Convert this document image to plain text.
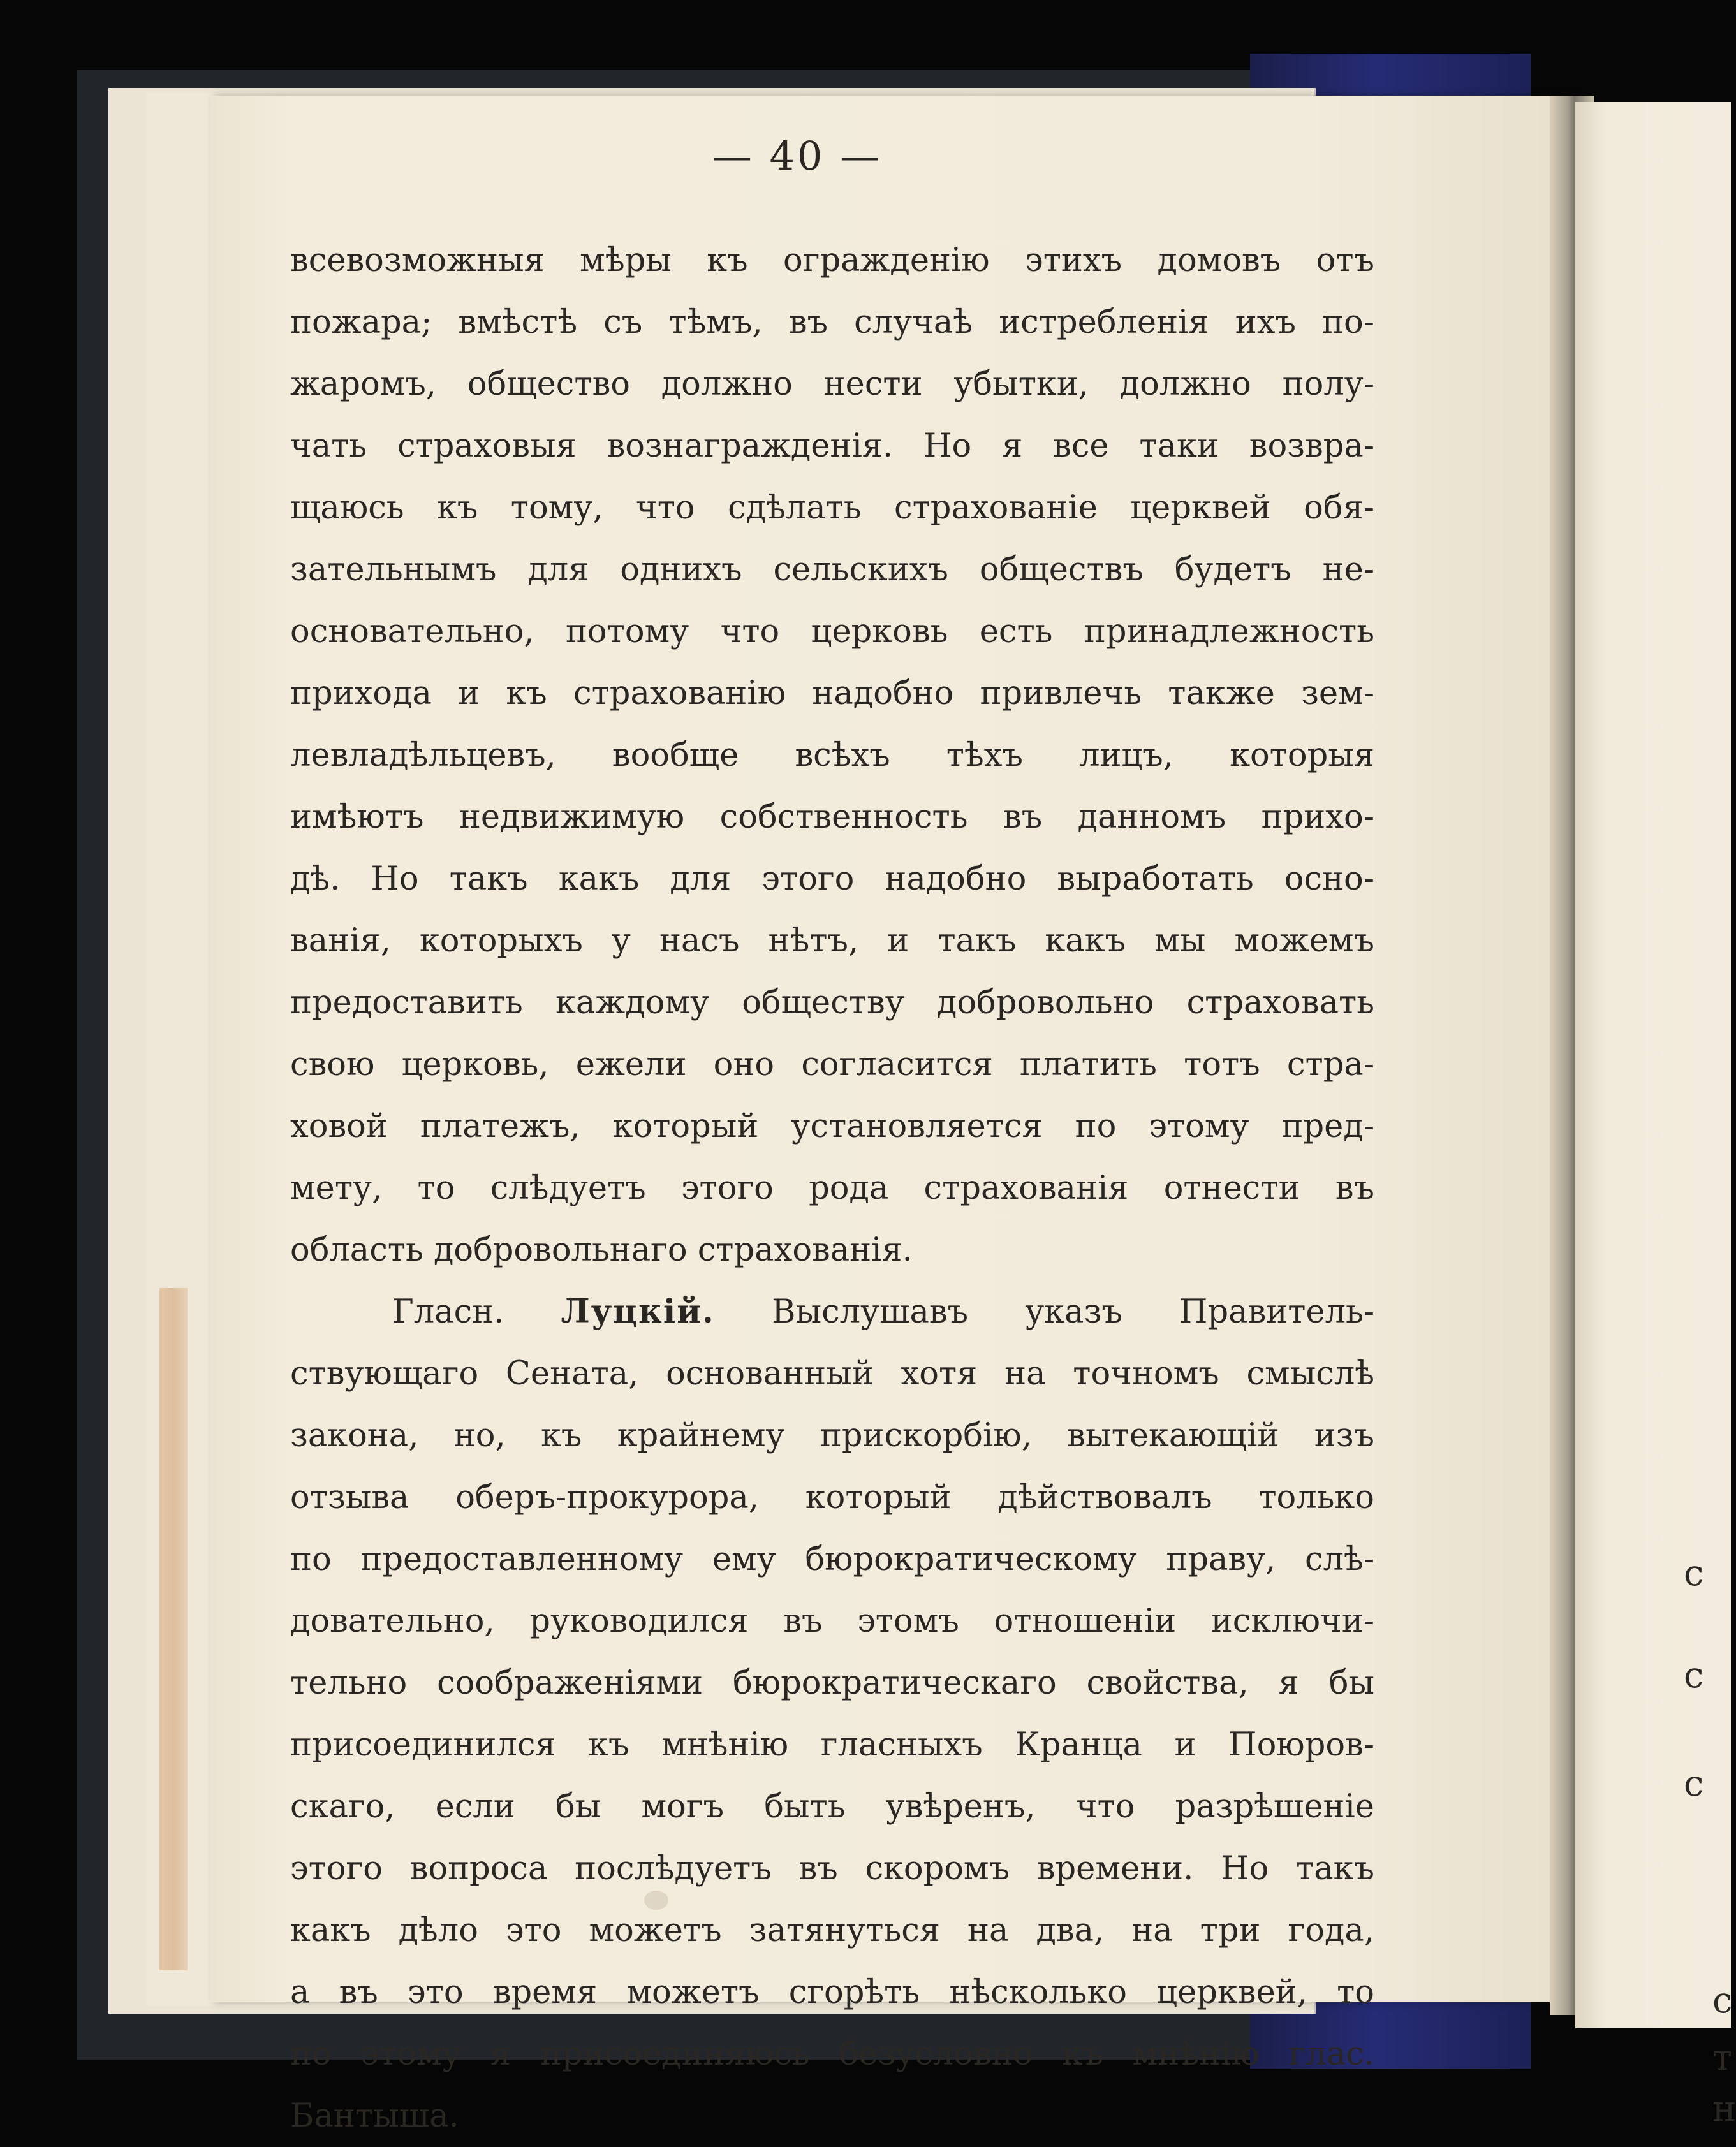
с
с
с
с
т
н
— 40 —
всевозможныя мѣры къ огражденію этихъ домовъ отъ
пожара; вмѣстѣ съ тѣмъ, въ случаѣ истребленія ихъ по-
жаромъ, общество должно нести убытки, должно полу-
чать страховыя вознагражденія. Но я все таки возвра-
щаюсь къ тому, что сдѣлать страхованіе церквей обя-
зательнымъ для однихъ сельскихъ обществъ будетъ не-
основательно, потому что церковь есть принадлежность
прихода и къ страхованію надобно привлечь также зем-
левладѣльцевъ, вообще всѣхъ тѣхъ лицъ, которыя
имѣютъ недвижимую собственность въ данномъ прихо-
дѣ. Но такъ какъ для этого надобно выработать осно-
ванія, которыхъ у насъ нѣтъ, и такъ какъ мы можемъ
предоставить каждому обществу добровольно страховать
свою церковь, ежели оно согласится платить тотъ стра-
ховой платежъ, который установляется по этому пред-
мету, то слѣдуетъ этого рода страхованія отнести въ
область добровольнаго страхованія.
Гласн. Луцкій. Выслушавъ указъ Правитель-
ствующаго Сената, основанный хотя на точномъ смыслѣ
закона, но, къ крайнему прискорбію, вытекающій изъ
отзыва оберъ-прокурора, который дѣйствовалъ только
по предоставленному ему бюрократическому праву, слѣ-
довательно, руководился въ этомъ отношеніи исключи-
тельно соображеніями бюрократическаго свойства, я бы
присоединился къ мнѣнію гласныхъ Кранца и Поюров-
скаго, если бы могъ быть увѣренъ, что разрѣшеніе
этого вопроса послѣдуетъ въ скоромъ времени. Но такъ
какъ дѣло это можетъ затянуться на два, на три года,
а въ это время можетъ сгорѣть нѣсколько церквей, то
по этому я присоединяюсь безусловно къ мнѣнію глас.
Бантыша.
